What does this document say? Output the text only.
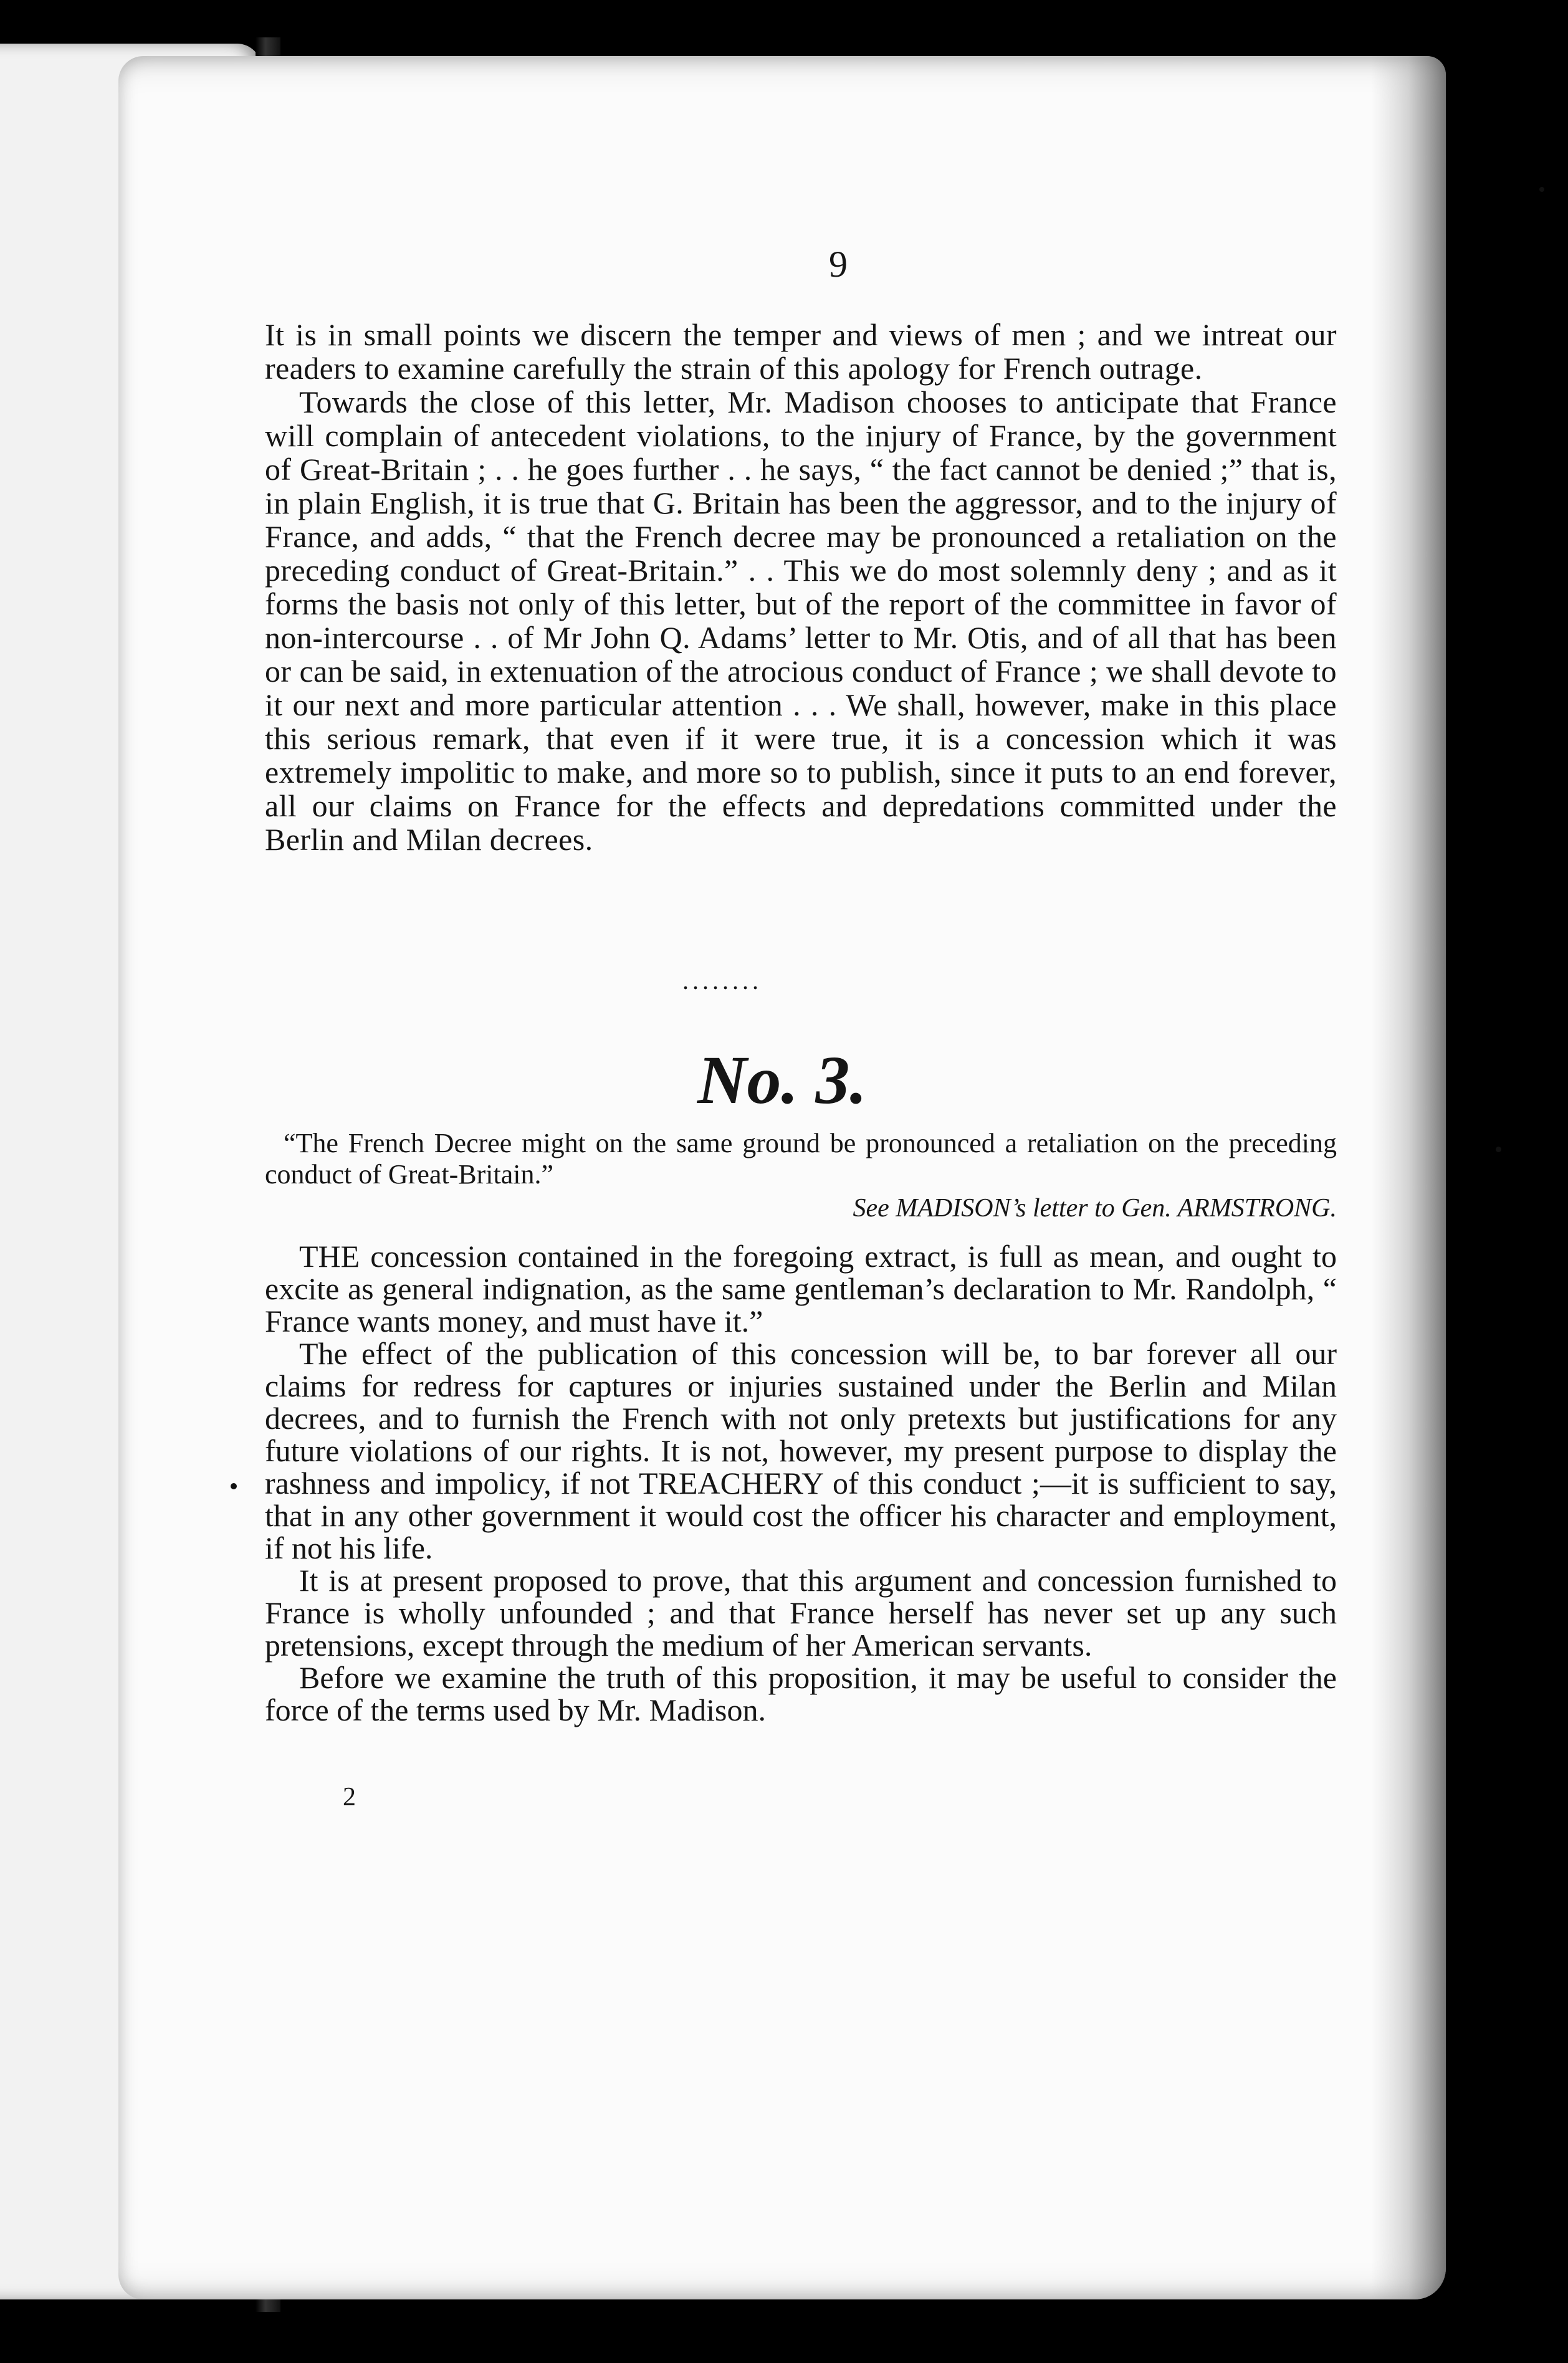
9

It is in small points we discern the temper and views of men ; and we intreat our readers to examine carefully the strain of this apology for French outrage.

Towards the close of this letter, Mr. Madison chooses to anticipate that France will complain of antecedent violations, to the injury of France, by the government of Great-Britain ; . . he goes further . . he says, “ the fact cannot be denied ;” that is, in plain English, it is true that G. Britain has been the aggressor, and to the injury of France, and adds, “ that the French decree may be pronounced a retaliation on the preceding conduct of Great-Britain.” . . This we do most solemnly deny ; and as it forms the basis not only of this letter, but of the report of the committee in favor of non-intercourse . . of Mr John Q. Adams’ letter to Mr. Otis, and of all that has been or can be said, in extenuation of the atrocious conduct of France ; we shall devote to it our next and more particular attention . . . We shall, however, make in this place this serious remark, that even if it were true, it is a concession which it was extremely impolitic to make, and more so to publish, since it puts to an end forever, all our claims on France for the effects and depredations committed under the Berlin and Milan decrees.

........
No. 3.

“The French Decree might on the same ground be pronounced a retaliation on the preceding conduct of Great-Britain.”

See MADISON’s letter to Gen. ARMSTRONG.

THE concession contained in the foregoing extract, is full as mean, and ought to excite as general indignation, as the same gentleman’s declaration to Mr. Randolph, “ France wants money, and must have it.”

The effect of the publication of this concession will be, to bar forever all our claims for redress for captures or injuries sustained under the Berlin and Milan decrees, and to furnish the French with not only pretexts but justifications for any future violations of our rights. It is not, however, my present purpose to display the rashness and impolicy, if not TREACHERY of this conduct ;—it is sufficient to say, that in any other government it would cost the officer his character and employment, if not his life.

It is at present proposed to prove, that this argument and concession furnished to France is wholly unfounded ; and that France herself has never set up any such pretensions, except through the medium of her American servants.

Before we examine the truth of this proposition, it may be useful to consider the force of the terms used by Mr. Madison.

2
